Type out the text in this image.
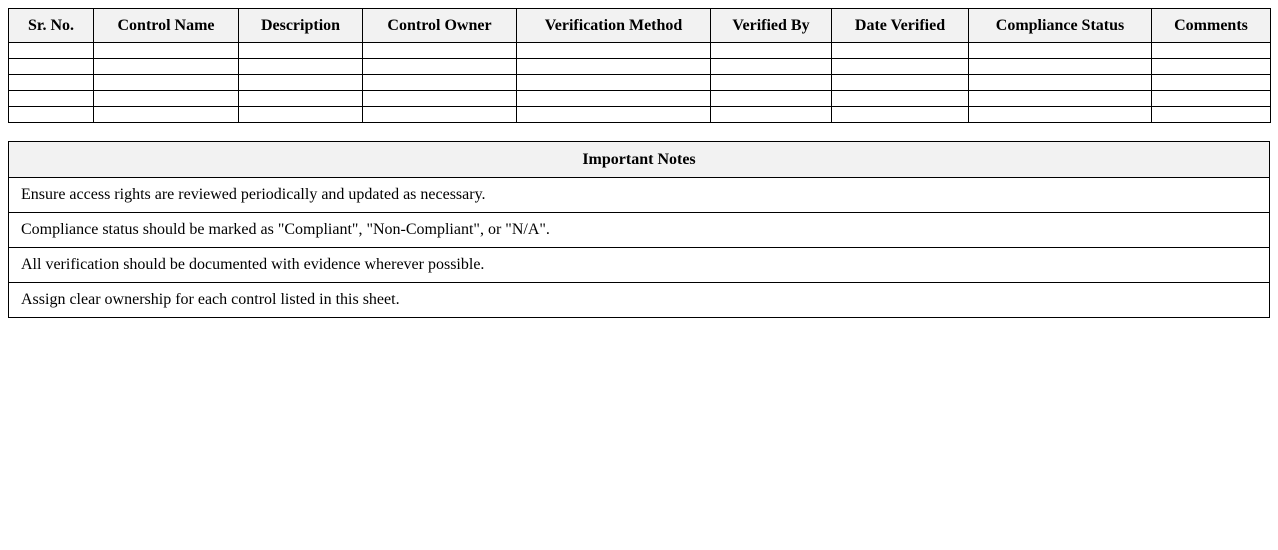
Sr. No.	Control Name	Description	Control Owner	Verification Method	Verified By	Date Verified	Compliance Status	Comments

Important Notes
Ensure access rights are reviewed periodically and updated as necessary.
Compliance status should be marked as "Compliant", "Non-Compliant", or "N/A".
All verification should be documented with evidence wherever possible.
Assign clear ownership for each control listed in this sheet.
